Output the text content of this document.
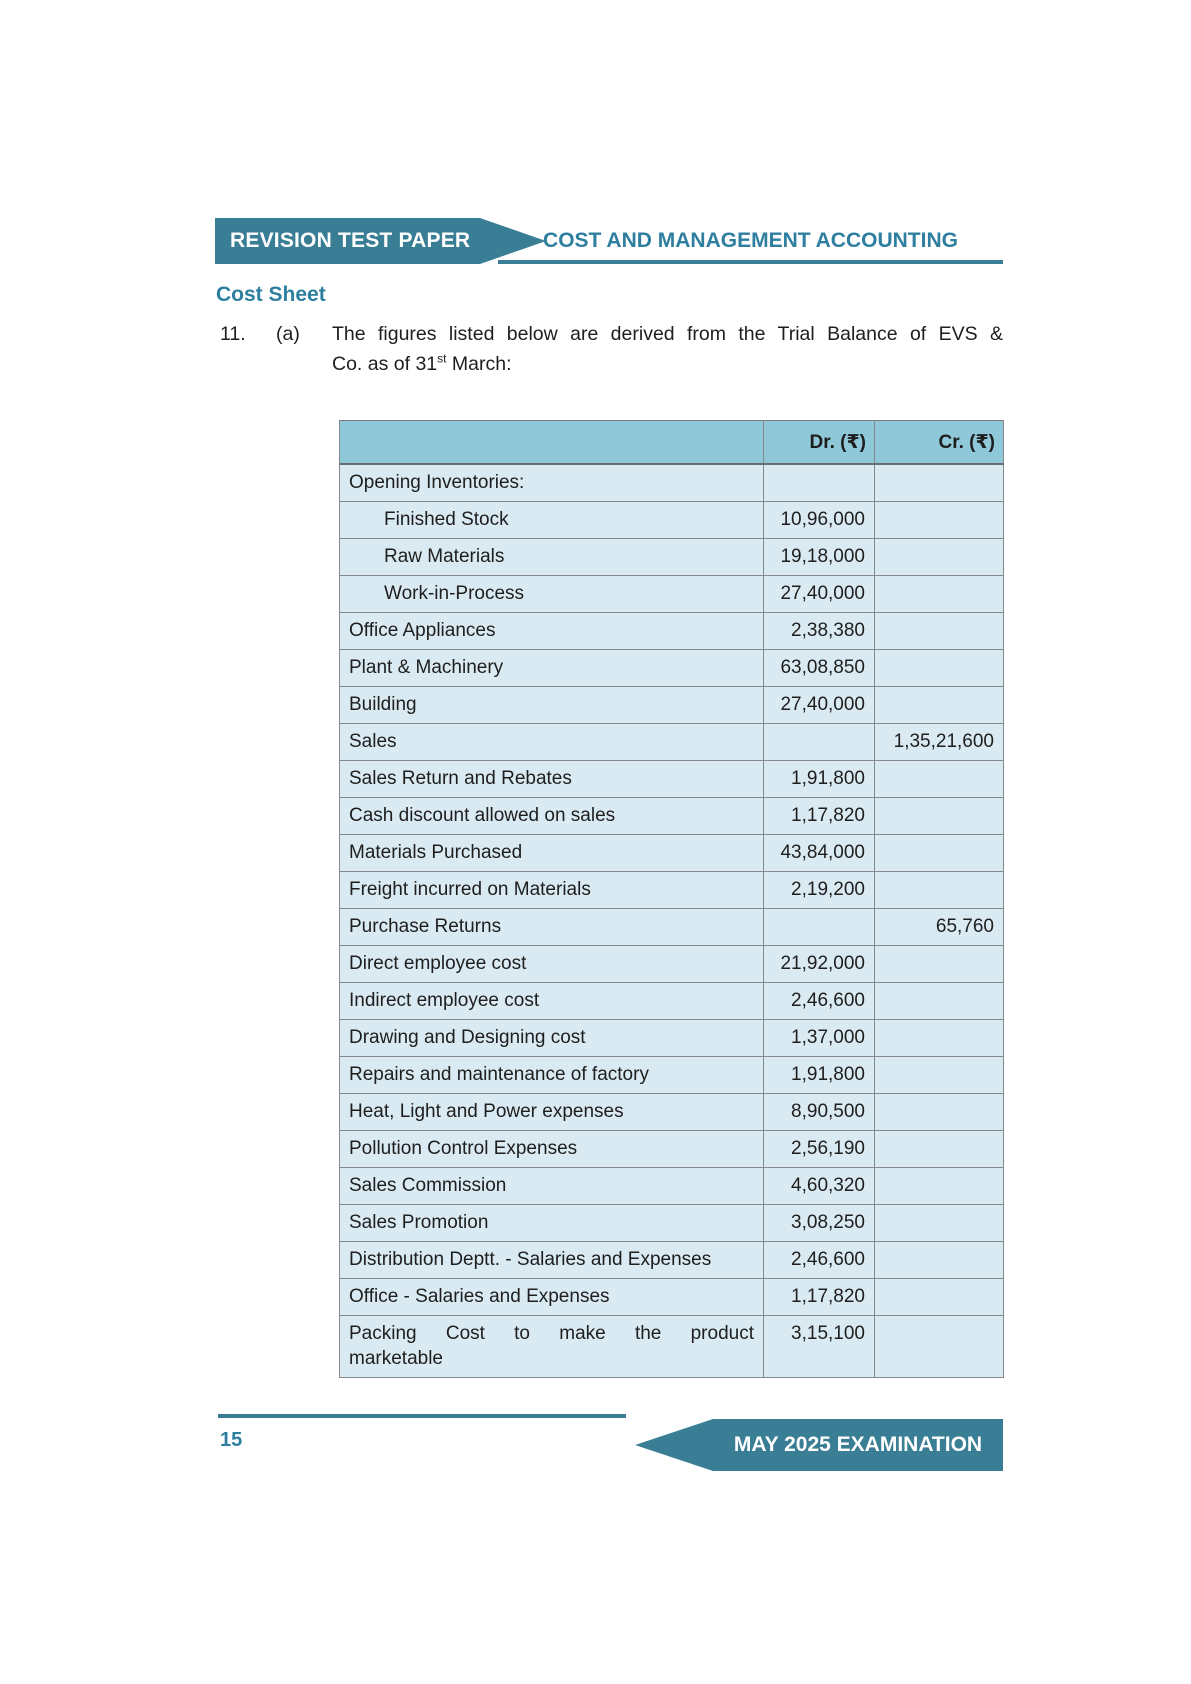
REVISION TEST PAPER	COST AND MANAGEMENT ACCOUNTING
Cost Sheet
11. (a) The figures listed below are derived from the Trial Balance of EVS &
Co. as of 31st March:
	Dr. (₹)	Cr. (₹)
Opening Inventories:		
Finished Stock	10,96,000	
Raw Materials	19,18,000	
Work-in-Process	27,40,000	
Office Appliances	2,38,380	
Plant & Machinery	63,08,850	
Building	27,40,000	
Sales		1,35,21,600
Sales Return and Rebates	1,91,800	
Cash discount allowed on sales	1,17,820	
Materials Purchased	43,84,000	
Freight incurred on Materials	2,19,200	
Purchase Returns		65,760
Direct employee cost	21,92,000	
Indirect employee cost	2,46,600	
Drawing and Designing cost	1,37,000	
Repairs and maintenance of factory	1,91,800	
Heat, Light and Power expenses	8,90,500	
Pollution Control Expenses	2,56,190	
Sales Commission	4,60,320	
Sales Promotion	3,08,250	
Distribution Deptt. - Salaries and Expenses	2,46,600	
Office - Salaries and Expenses	1,17,820	

Packing Cost to make the product
marketable	3,15,100	
15	MAY 2025 EXAMINATION
